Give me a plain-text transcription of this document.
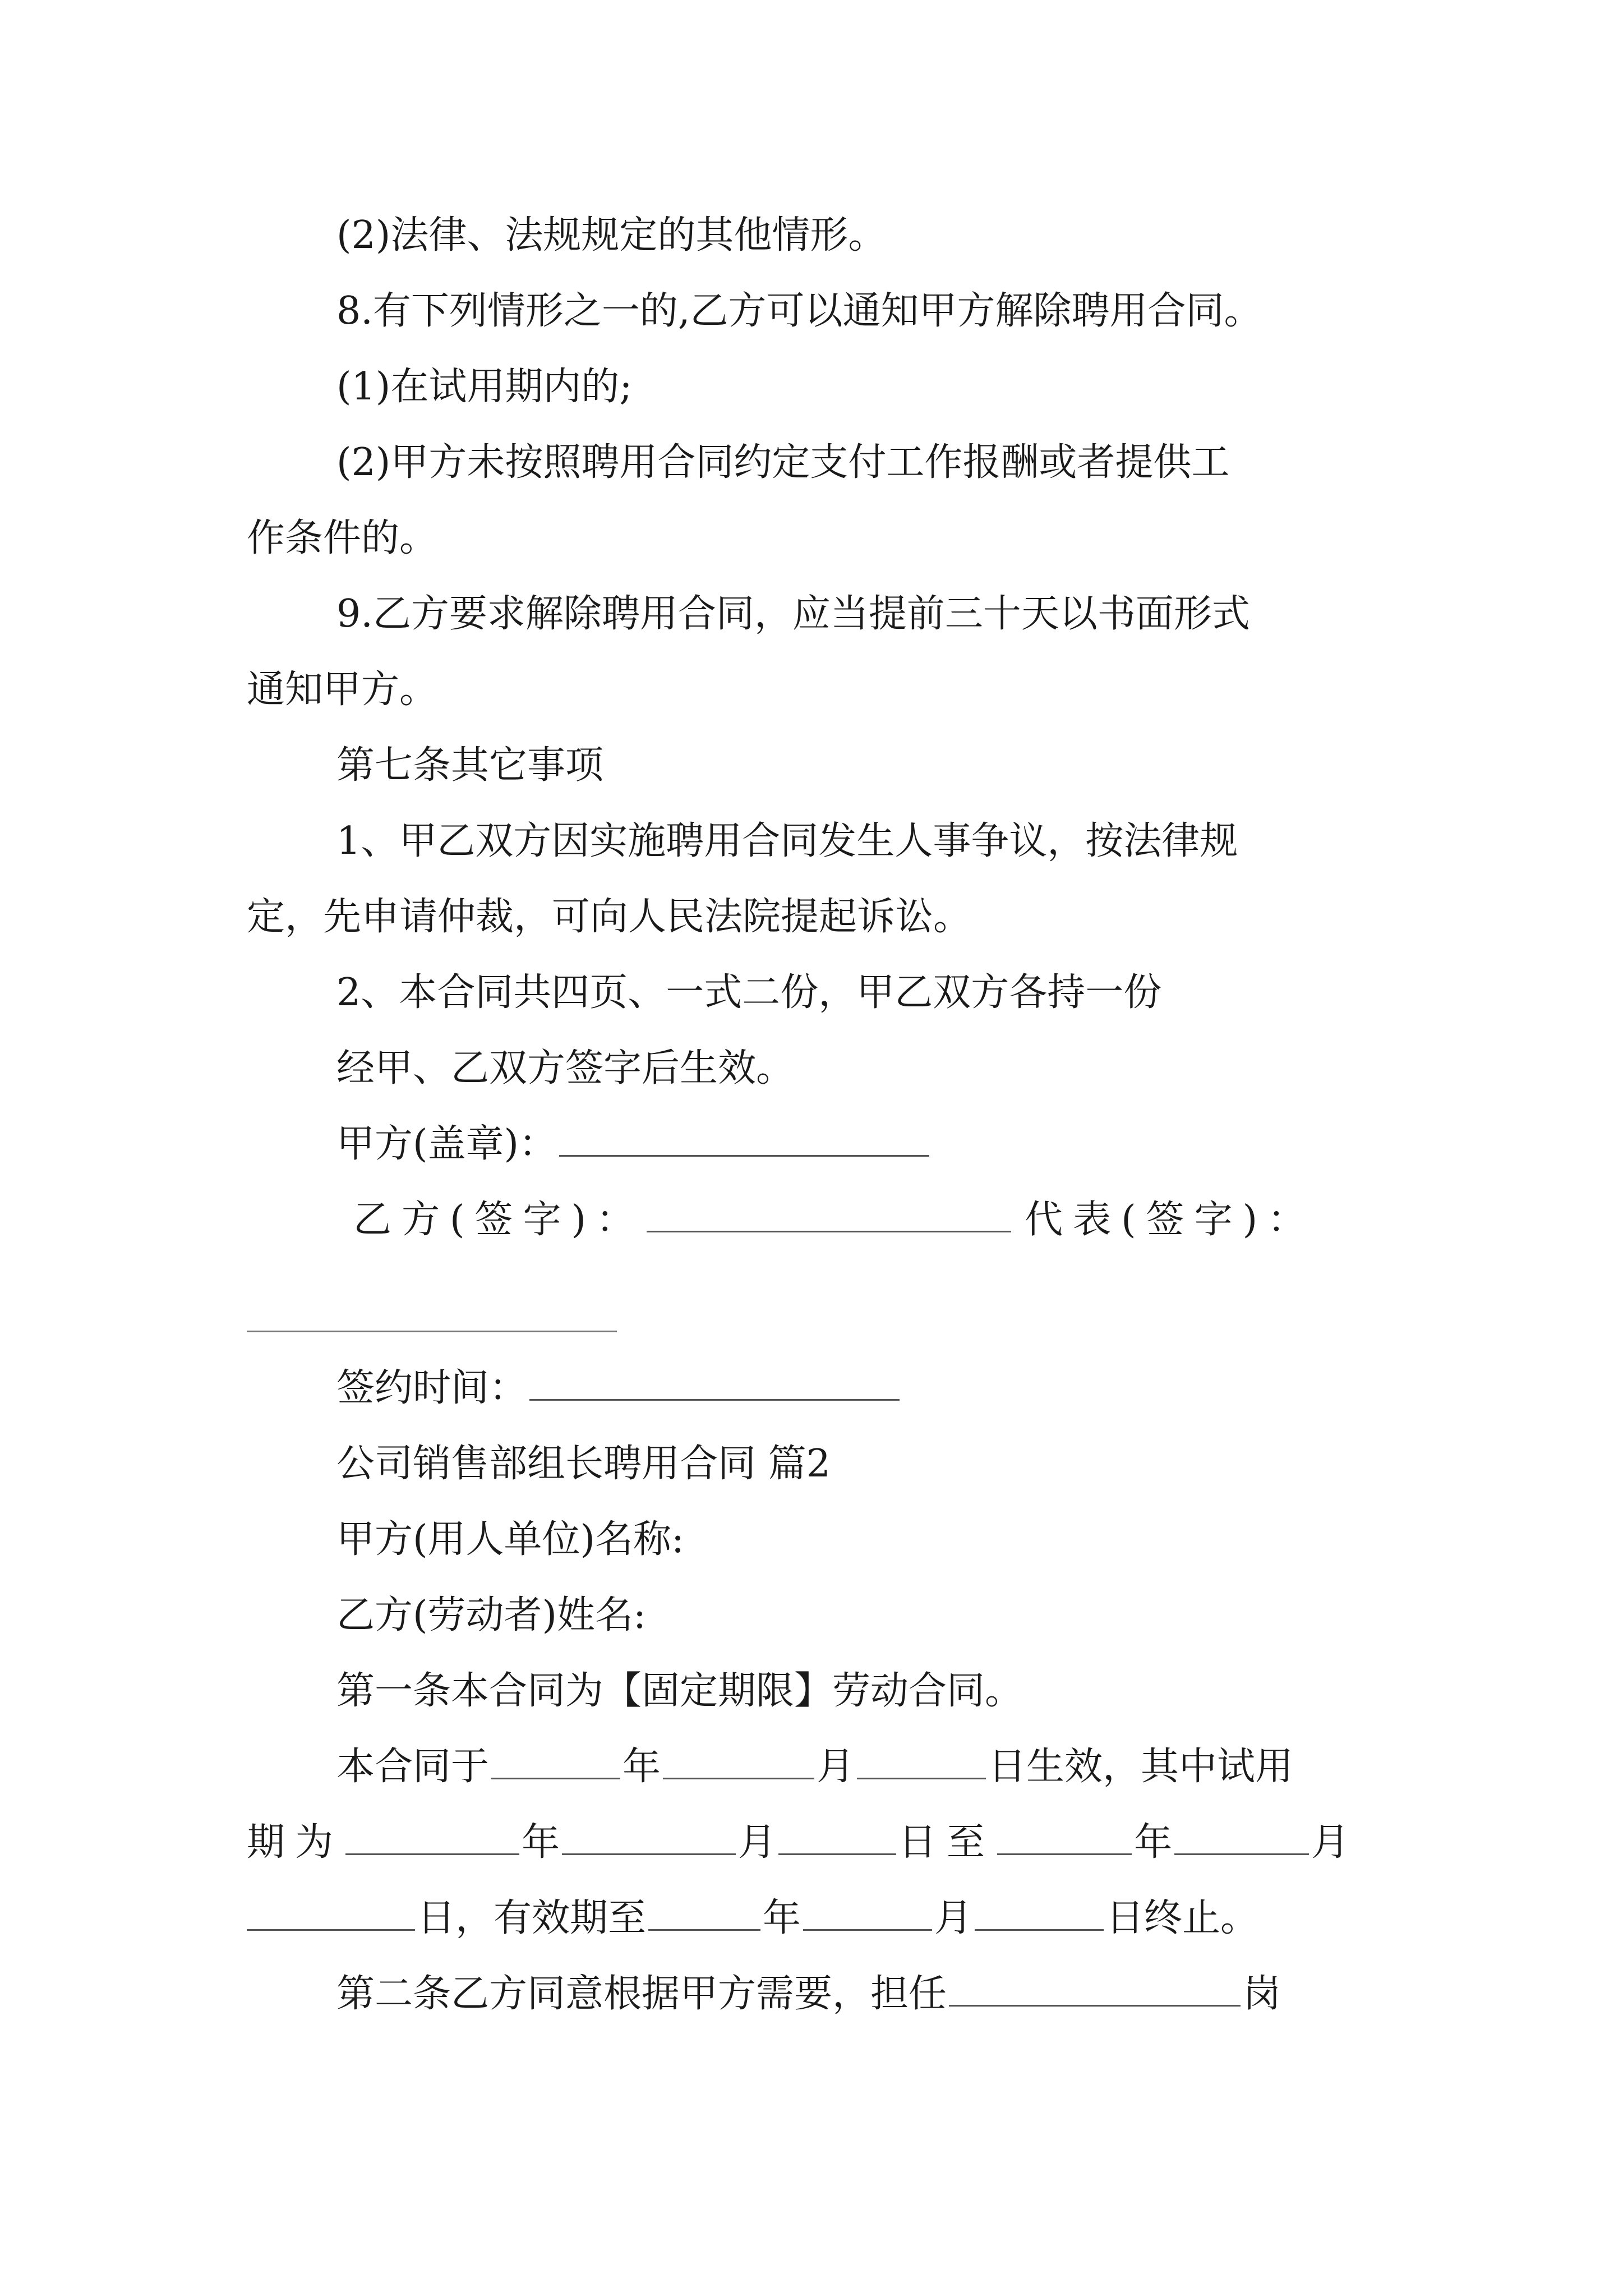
(2)法律、法规规定的其他情形。
8.有下列情形之一的,乙方可以通知甲方解除聘用合同。
(1)在试用期内的;
(2)甲方未按照聘用合同约定支付工作报酬或者提供工
作条件的。
9.乙方要求解除聘用合同，应当提前三十天以书面形式
通知甲方。
第七条其它事项
1、甲乙双方因实施聘用合同发生人事争议，按法律规
定，先申请仲裁，可向人民法院提起诉讼。
2、本合同共四页、一式二份，甲乙双方各持一份
经甲、乙双方签字后生效。
甲方(盖章)：
乙方(签字)：	代表(签字)：
签约时间：
公司销售部组长聘用合同 篇2
甲方(用人单位)名称:
乙方(劳动者)姓名:
第一条本合同为【固定期限】劳动合同。
本合同于	年	月	日生效，其中试用
期为	年	月	日至	年	月
日，有效期至	年	月	日终止。
第二条乙方同意根据甲方需要，担任	岗
